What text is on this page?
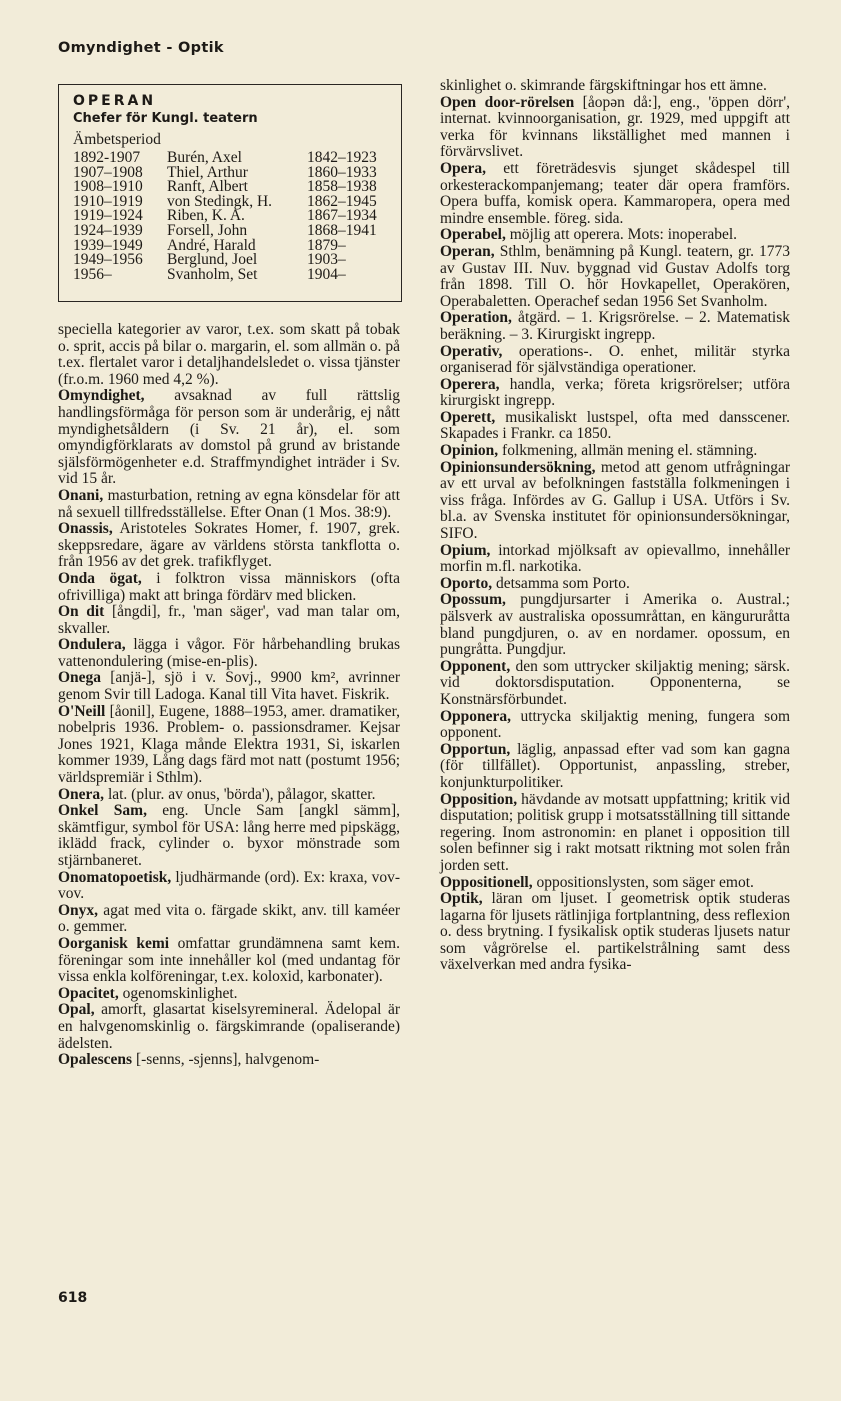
Omyndighet - Optik
OPERAN
Chefer för Kungl. teatern
Ämbetsperiod
1892-1907	Burén, Axel	1842–1923
1907–1908	Thiel, Arthur	1860–1933
1908–1910	Ranft, Albert	1858–1938
1910–1919	von Stedingk, H.	1862–1945
1919–1924	Riben, K. A.	1867–1934
1924–1939	Forsell, John	1868–1941
1939–1949	André, Harald	1879–
1949–1956	Berglund, Joel	1903–
1956–	Svanholm, Set	1904–

speciella kategorier av varor, t.ex. som skatt på tobak o. sprit, accis på bilar o. margarin, el. som allmän o. på t.ex. flertalet varor i detaljhandelsledet o. vissa tjänster (fr.o.m. 1960 med 4,2 %).

Omyndighet, avsaknad av full rättslig handlingsförmåga för person som är underårig, ej nått myndighetsåldern (i Sv. 21 år), el. som omyndigförklarats av domstol på grund av bristande själsförmögenheter e.d. Straffmyndighet inträder i Sv. vid 15 år.

Onani, masturbation, retning av egna könsdelar för att nå sexuell tillfredsställelse. Efter Onan (1 Mos. 38:9).

Onassis, Aristoteles Sokrates Homer, f. 1907, grek. skeppsredare, ägare av världens största tankflotta o. från 1956 av det grek. trafikflyget.

Onda ögat, i folktron vissa människors (ofta ofrivilliga) makt att bringa fördärv med blicken.

On dit [ångdi], fr., 'man säger', vad man talar om, skvaller.

Ondulera, lägga i vågor. För hårbehandling brukas vattenondulering (mise-en-plis).

Onega [anjä-], sjö i v. Sovj., 9900 km², avrinner genom Svir till Ladoga. Kanal till Vita havet. Fiskrik.

O'Neill [åonil], Eugene, 1888–1953, amer. dramatiker, nobelpris 1936. Problem- o. passionsdramer. Kejsar Jones 1921, Klaga månde Elektra 1931, Si, iskarlen kommer 1939, Lång dags färd mot natt (postumt 1956; världspremiär i Sthlm).

Onera, lat. (plur. av onus, 'börda'), pålagor, skatter.

Onkel Sam, eng. Uncle Sam [angkl sämm], skämtfigur, symbol för USA: lång herre med pipskägg, iklädd frack, cylinder o. byxor mönstrade som stjärnbaneret.

Onomatopoetisk, ljudhärmande (ord). Ex: kraxa, vov-vov.

Onyx, agat med vita o. färgade skikt, anv. till kaméer o. gemmer.

Oorganisk kemi omfattar grundämnena samt kem. föreningar som inte innehåller kol (med undantag för vissa enkla kolföreningar, t.ex. koloxid, karbonater).

Opacitet, ogenomskinlighet.

Opal, amorft, glasartat kiselsyremineral. Ädelopal är en halvgenomskinlig o. färgskimrande (opaliserande) ädelsten.

Opalescens [-senns, -sjenns], halvgenom-

skinlighet o. skimrande färgskiftningar hos ett ämne.

Open door-rörelsen [åopən då:], eng., 'öppen dörr', internat. kvinnoorganisation, gr. 1929, med uppgift att verka för kvinnans likställighet med mannen i förvärvslivet.

Opera, ett företrädesvis sjunget skådespel till orkesterackompanjemang; teater där opera framförs. Opera buffa, komisk opera. Kammaropera, opera med mindre ensemble. föreg. sida.

Operabel, möjlig att operera. Mots: inoperabel.

Operan, Sthlm, benämning på Kungl. teatern, gr. 1773 av Gustav III. Nuv. byggnad vid Gustav Adolfs torg från 1898. Till O. hör Hovkapellet, Operakören, Operabaletten. Operachef sedan 1956 Set Svanholm.

Operation, åtgärd. – 1. Krigsrörelse. – 2. Matematisk beräkning. – 3. Kirurgiskt ingrepp.

Operativ, operations-. O. enhet, militär styrka organiserad för självständiga operationer.

Operera, handla, verka; företa krigsrörelser; utföra kirurgiskt ingrepp.

Operett, musikaliskt lustspel, ofta med dansscener. Skapades i Frankr. ca 1850.

Opinion, folkmening, allmän mening el. stämning.

Opinionsundersökning, metod att genom utfrågningar av ett urval av befolkningen fastställa folkmeningen i viss fråga. Infördes av G. Gallup i USA. Utförs i Sv. bl.a. av Svenska institutet för opinionsundersökningar, SIFO.

Opium, intorkad mjölksaft av opievallmo, innehåller morfin m.fl. narkotika.

Oporto, detsamma som Porto.

Opossum, pungdjursarter i Amerika o. Austral.; pälsverk av australiska opossumråttan, en kängururåtta bland pungdjuren, o. av en nordamer. opossum, en pungråtta. Pungdjur.

Opponent, den som uttrycker skiljaktig mening; särsk. vid doktorsdisputation. Opponenterna, se Konstnärsförbundet.

Opponera, uttrycka skiljaktig mening, fungera som opponent.

Opportun, läglig, anpassad efter vad som kan gagna (för tillfället). Opportunist, anpassling, streber, konjunkturpolitiker.

Opposition, hävdande av motsatt uppfattning; kritik vid disputation; politisk grupp i motsatsställning till sittande regering. Inom astronomin: en planet i opposition till solen befinner sig i rakt motsatt riktning mot solen från jorden sett.

Oppositionell, oppositionslysten, som säger emot.

Optik, läran om ljuset. I geometrisk optik studeras lagarna för ljusets rätlinjiga fortplantning, dess reflexion o. dess brytning. I fysikalisk optik studeras ljusets natur som vågrörelse el. partikelstrålning samt dess växelverkan med andra fysika-

618
